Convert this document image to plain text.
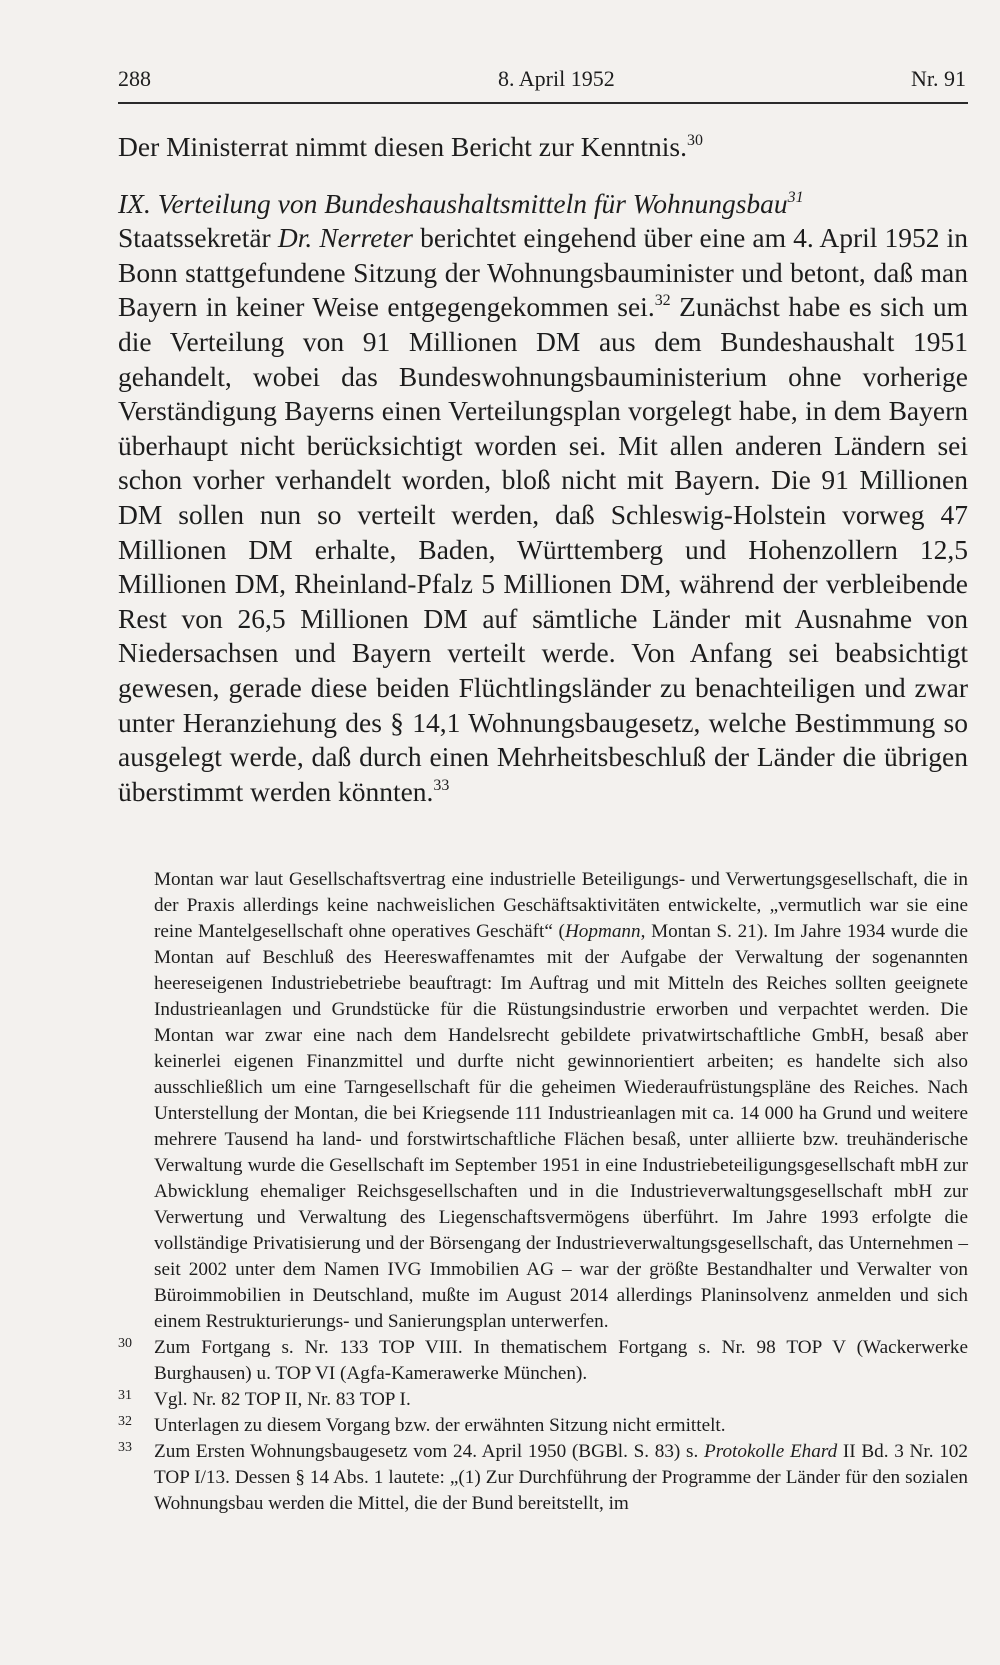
288	8. April 1952	Nr. 91

Der Ministerrat nimmt diesen Bericht zur Kenntnis.$^{30}$

IX. Verteilung von Bundeshaushaltsmitteln für Wohnungsbau$^{31}$

Staatssekretär Dr. Nerreter berichtet eingehend über eine am 4. April 1952 in Bonn stattgefundene Sitzung der Wohnungsbauminister und betont, daß man Bayern in keiner Weise entgegengekommen sei.$^{32}$ Zunächst habe es sich um die Verteilung von 91 Millionen DM aus dem Bundeshaushalt 1951 gehandelt, wobei das Bundeswohnungsbauministerium ohne vorherige Verständigung Bayerns einen Verteilungsplan vorgelegt habe, in dem Bayern überhaupt nicht berücksichtigt worden sei. Mit allen anderen Ländern sei schon vorher verhandelt worden, bloß nicht mit Bayern. Die 91 Millionen DM sollen nun so verteilt werden, daß Schleswig-Holstein vorweg 47 Millionen DM erhalte, Baden, Württemberg und Hohenzollern 12,5 Millionen DM, Rheinland-Pfalz 5 Millionen DM, während der verbleibende Rest von 26,5 Millionen DM auf sämtliche Länder mit Ausnahme von Niedersachsen und Bayern verteilt werde. Von Anfang sei beabsichtigt gewesen, gerade diese beiden Flüchtlingsländer zu benachteiligen und zwar unter Heranziehung des § 14,1 Wohnungsbaugesetz, welche Bestimmung so ausgelegt werde, daß durch einen Mehrheitsbeschluß der Länder die übrigen überstimmt werden könnten.$^{33}$

Montan war laut Gesellschaftsvertrag eine industrielle Beteiligungs- und Verwertungsgesellschaft, die in der Praxis allerdings keine nachweislichen Geschäftsaktivitäten entwickelte, „vermutlich war sie eine reine Mantelgesellschaft ohne operatives Geschäft“ (Hopmann, Montan S. 21). Im Jahre 1934 wurde die Montan auf Beschluß des Heereswaffenamtes mit der Aufgabe der Verwaltung der sogenannten heereseigenen Industriebetriebe beauftragt: Im Auftrag und mit Mitteln des Reiches sollten geeignete Industrieanlagen und Grundstücke für die Rüstungsindustrie erworben und verpachtet werden. Die Montan war zwar eine nach dem Handelsrecht gebildete privatwirtschaftliche GmbH, besaß aber keinerlei eigenen Finanzmittel und durfte nicht gewinnorientiert arbeiten; es handelte sich also ausschließlich um eine Tarngesellschaft für die geheimen Wiederaufrüstungspläne des Reiches. Nach Unterstellung der Montan, die bei Kriegsende 111 Industrieanlagen mit ca. 14 000 ha Grund und weitere mehrere Tausend ha land- und forstwirtschaftliche Flächen besaß, unter alliierte bzw. treuhänderische Verwaltung wurde die Gesellschaft im September 1951 in eine Industriebeteiligungsgesellschaft mbH zur Abwicklung ehemaliger Reichsgesellschaften und in die Industrieverwaltungsgesellschaft mbH zur Verwertung und Verwaltung des Liegenschaftsvermögens überführt. Im Jahre 1993 erfolgte die vollständige Privatisierung und der Börsengang der Industrieverwaltungsgesellschaft, das Unternehmen – seit 2002 unter dem Namen IVG Immobilien AG – war der größte Bestandhalter und Verwalter von Büroimmobilien in Deutschland, mußte im August 2014 allerdings Planinsolvenz anmelden und sich einem Restrukturierungs- und Sanierungsplan unterwerfen.

30 Zum Fortgang s. Nr. 133 TOP VIII. In thematischem Fortgang s. Nr. 98 TOP V (Wackerwerke Burghausen) u. TOP VI (Agfa-Kamerawerke München).

31 Vgl. Nr. 82 TOP II, Nr. 83 TOP I.

32 Unterlagen zu diesem Vorgang bzw. der erwähnten Sitzung nicht ermittelt.

33 Zum Ersten Wohnungsbaugesetz vom 24. April 1950 (BGBl. S. 83) s. Protokolle Ehard II Bd. 3 Nr. 102 TOP I/13. Dessen § 14 Abs. 1 lautete: „(1) Zur Durchführung der Programme der Länder für den sozialen Wohnungsbau werden die Mittel, die der Bund bereitstellt, im
